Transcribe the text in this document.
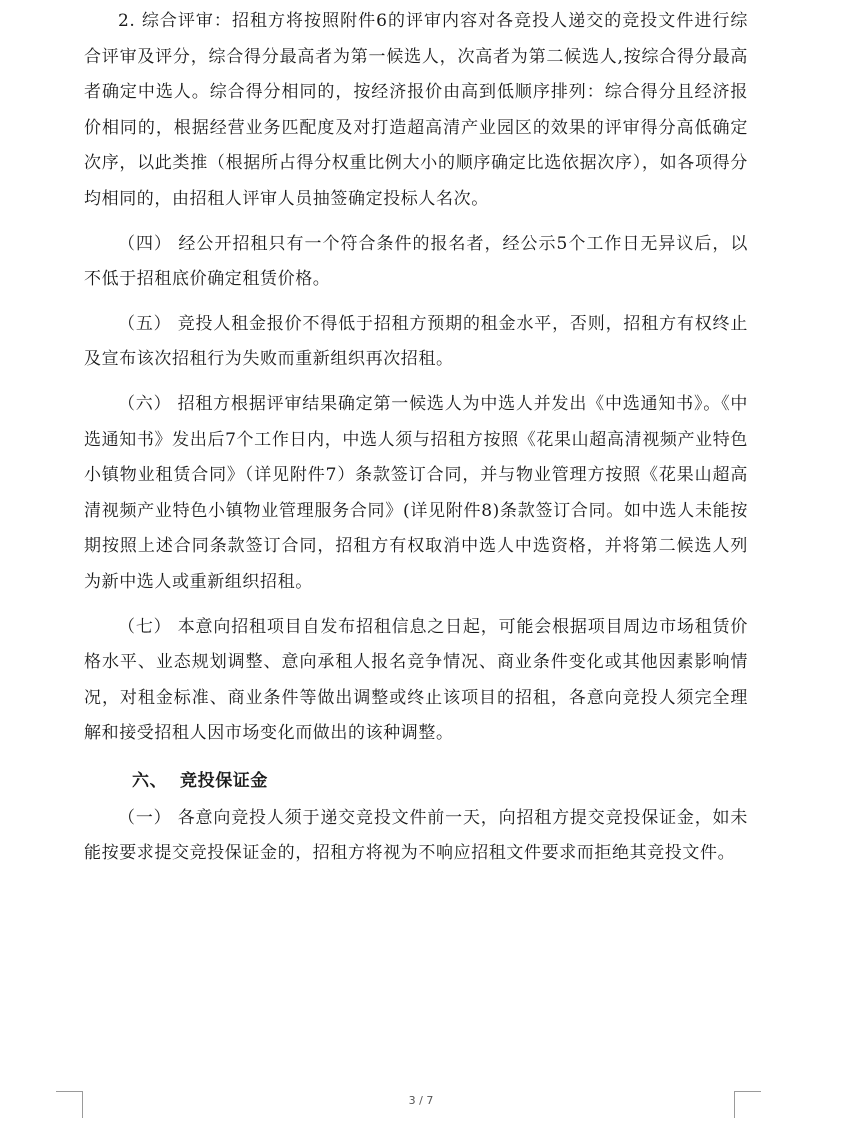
2. 综合评审：招租方将按照附件6的评审内容对各竞投人递交的竞投文件进行综合评审及评分，综合得分最高者为第一候选人，次高者为第二候选人,按综合得分最高者确定中选人。综合得分相同的，按经济报价由高到低顺序排列：综合得分且经济报价相同的，根据经营业务匹配度及对打造超高清产业园区的效果的评审得分高低确定次序，以此类推（根据所占得分权重比例大小的顺序确定比选依据次序），如各项得分均相同的，由招租人评审人员抽签确定投标人名次。

（四） 经公开招租只有一个符合条件的报名者，经公示5个工作日无异议后，以不低于招租底价确定租赁价格。

（五） 竞投人租金报价不得低于招租方预期的租金水平，否则，招租方有权终止及宣布该次招租行为失败而重新组织再次招租。

（六） 招租方根据评审结果确定第一候选人为中选人并发出《中选通知书》。《中选通知书》发出后7个工作日内，中选人须与招租方按照《花果山超高清视频产业特色小镇物业租赁合同》（详见附件7）条款签订合同，并与物业管理方按照《花果山超高清视频产业特色小镇物业管理服务合同》(详见附件8)条款签订合同。如中选人未能按期按照上述合同条款签订合同，招租方有权取消中选人中选资格，并将第二候选人列为新中选人或重新组织招租。

（七） 本意向招租项目自发布招租信息之日起，可能会根据项目周边市场租赁价格水平、业态规划调整、意向承租人报名竞争情况、商业条件变化或其他因素影响情况，对租金标准、商业条件等做出调整或终止该项目的招租，各意向竞投人须完全理解和接受招租人因市场变化而做出的该种调整。

六、 竞投保证金

（一） 各意向竞投人须于递交竞投文件前一天，向招租方提交竞投保证金，如未能按要求提交竞投保证金的，招租方将视为不响应招租文件要求而拒绝其竞投文件。

3 / 7
